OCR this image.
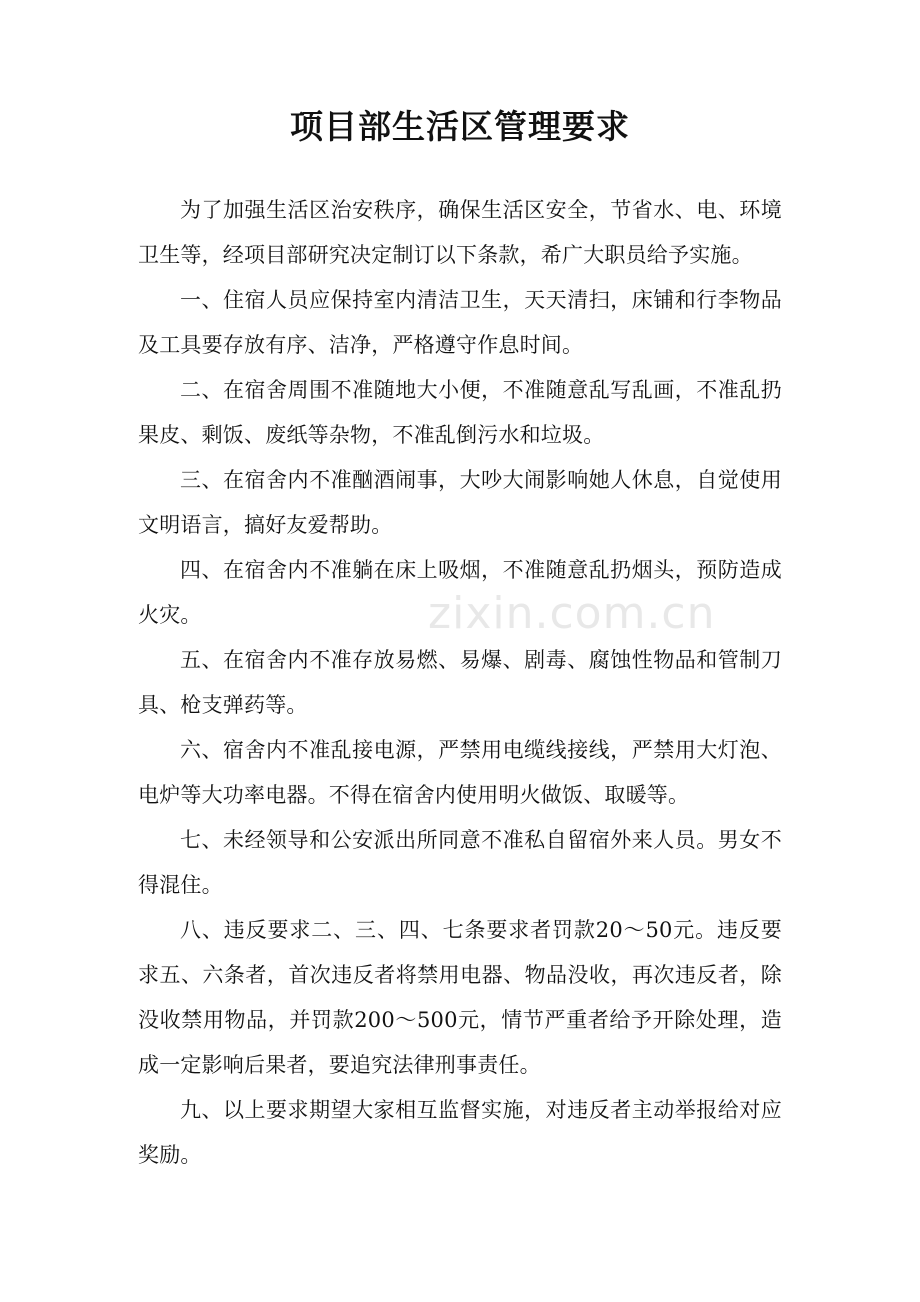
项目部生活区管理要求

为了加强生活区治安秩序，确保生活区安全，节省水、电、环境卫生等，经项目部研究决定制订以下条款，希广大职员给予实施。

一、住宿人员应保持室内清洁卫生，天天清扫，床铺和行李物品及工具要存放有序、洁净，严格遵守作息时间。

二、在宿舍周围不准随地大小便，不准随意乱写乱画，不准乱扔果皮、剩饭、废纸等杂物，不准乱倒污水和垃圾。

三、在宿舍内不准酗酒闹事，大吵大闹影响她人休息，自觉使用文明语言，搞好友爱帮助。

四、在宿舍内不准躺在床上吸烟，不准随意乱扔烟头，预防造成火灾。

五、在宿舍内不准存放易燃、易爆、剧毒、腐蚀性物品和管制刀具、枪支弹药等。

六、宿舍内不准乱接电源，严禁用电缆线接线，严禁用大灯泡、电炉等大功率电器。不得在宿舍内使用明火做饭、取暖等。

七、未经领导和公安派出所同意不准私自留宿外来人员。男女不得混住。

八、违反要求二、三、四、七条要求者罚款20～50元。违反要求五、六条者，首次违反者将禁用电器、物品没收，再次违反者，除没收禁用物品，并罚款200～500元，情节严重者给予开除处理，造成一定影响后果者，要追究法律刑事责任。

九、以上要求期望大家相互监督实施，对违反者主动举报给对应奖励。

zixin.com.cn
